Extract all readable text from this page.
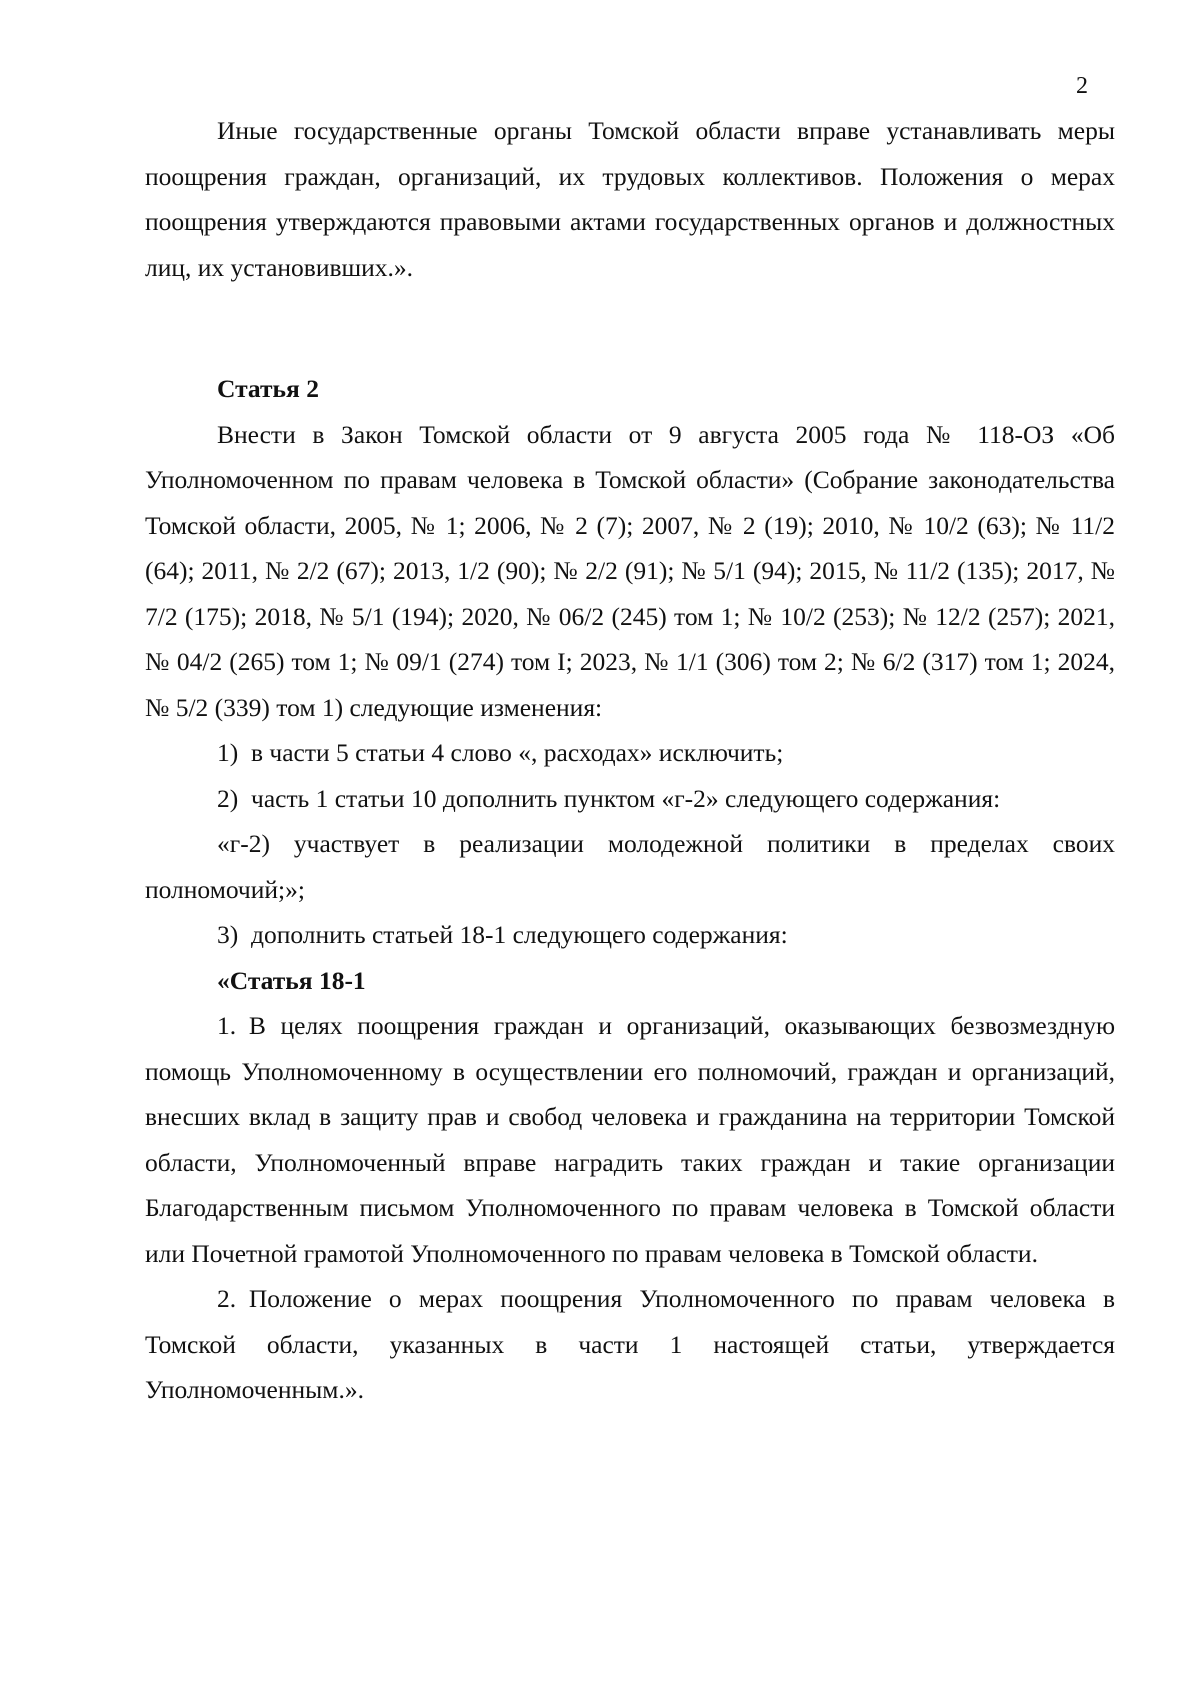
2

Иные государственные органы Томской области вправе устанавливать меры поощрения граждан, организаций, их трудовых коллективов. Положения о мерах поощрения утверждаются правовыми актами государственных органов и должностных лиц, их установивших.».

Статья 2

Внести в Закон Томской области от 9 августа 2005 года № 118-ОЗ «Об Уполномоченном по правам человека в Томской области» (Собрание законодательства Томской области, 2005, № 1; 2006, № 2 (7); 2007, № 2 (19); 2010, № 10/2 (63); № 11/2 (64); 2011, № 2/2 (67); 2013, 1/2 (90); № 2/2 (91); № 5/1 (94); 2015, № 11/2 (135); 2017, № 7/2 (175); 2018, № 5/1 (194); 2020, № 06/2 (245) том 1; № 10/2 (253); № 12/2 (257); 2021, № 04/2 (265) том 1; № 09/1 (274) том I; 2023, № 1/1 (306) том 2; № 6/2 (317) том 1; 2024, № 5/2 (339) том 1) следующие изменения:

1) в части 5 статьи 4 слово «, расходах» исключить;

2) часть 1 статьи 10 дополнить пунктом «г-2» следующего содержания:

«г-2) участвует в реализации молодежной политики в пределах своих полномочий;»;

3) дополнить статьей 18-1 следующего содержания:

«Статья 18-1

1. В целях поощрения граждан и организаций, оказывающих безвозмездную помощь Уполномоченному в осуществлении его полномочий, граждан и организаций, внесших вклад в защиту прав и свобод человека и гражданина на территории Томской области, Уполномоченный вправе наградить таких граждан и такие организации Благодарственным письмом Уполномоченного по правам человека в Томской области или Почетной грамотой Уполномоченного по правам человека в Томской области.

2. Положение о мерах поощрения Уполномоченного по правам человека в Томской области, указанных в части 1 настоящей статьи, утверждается Уполномоченным.».
